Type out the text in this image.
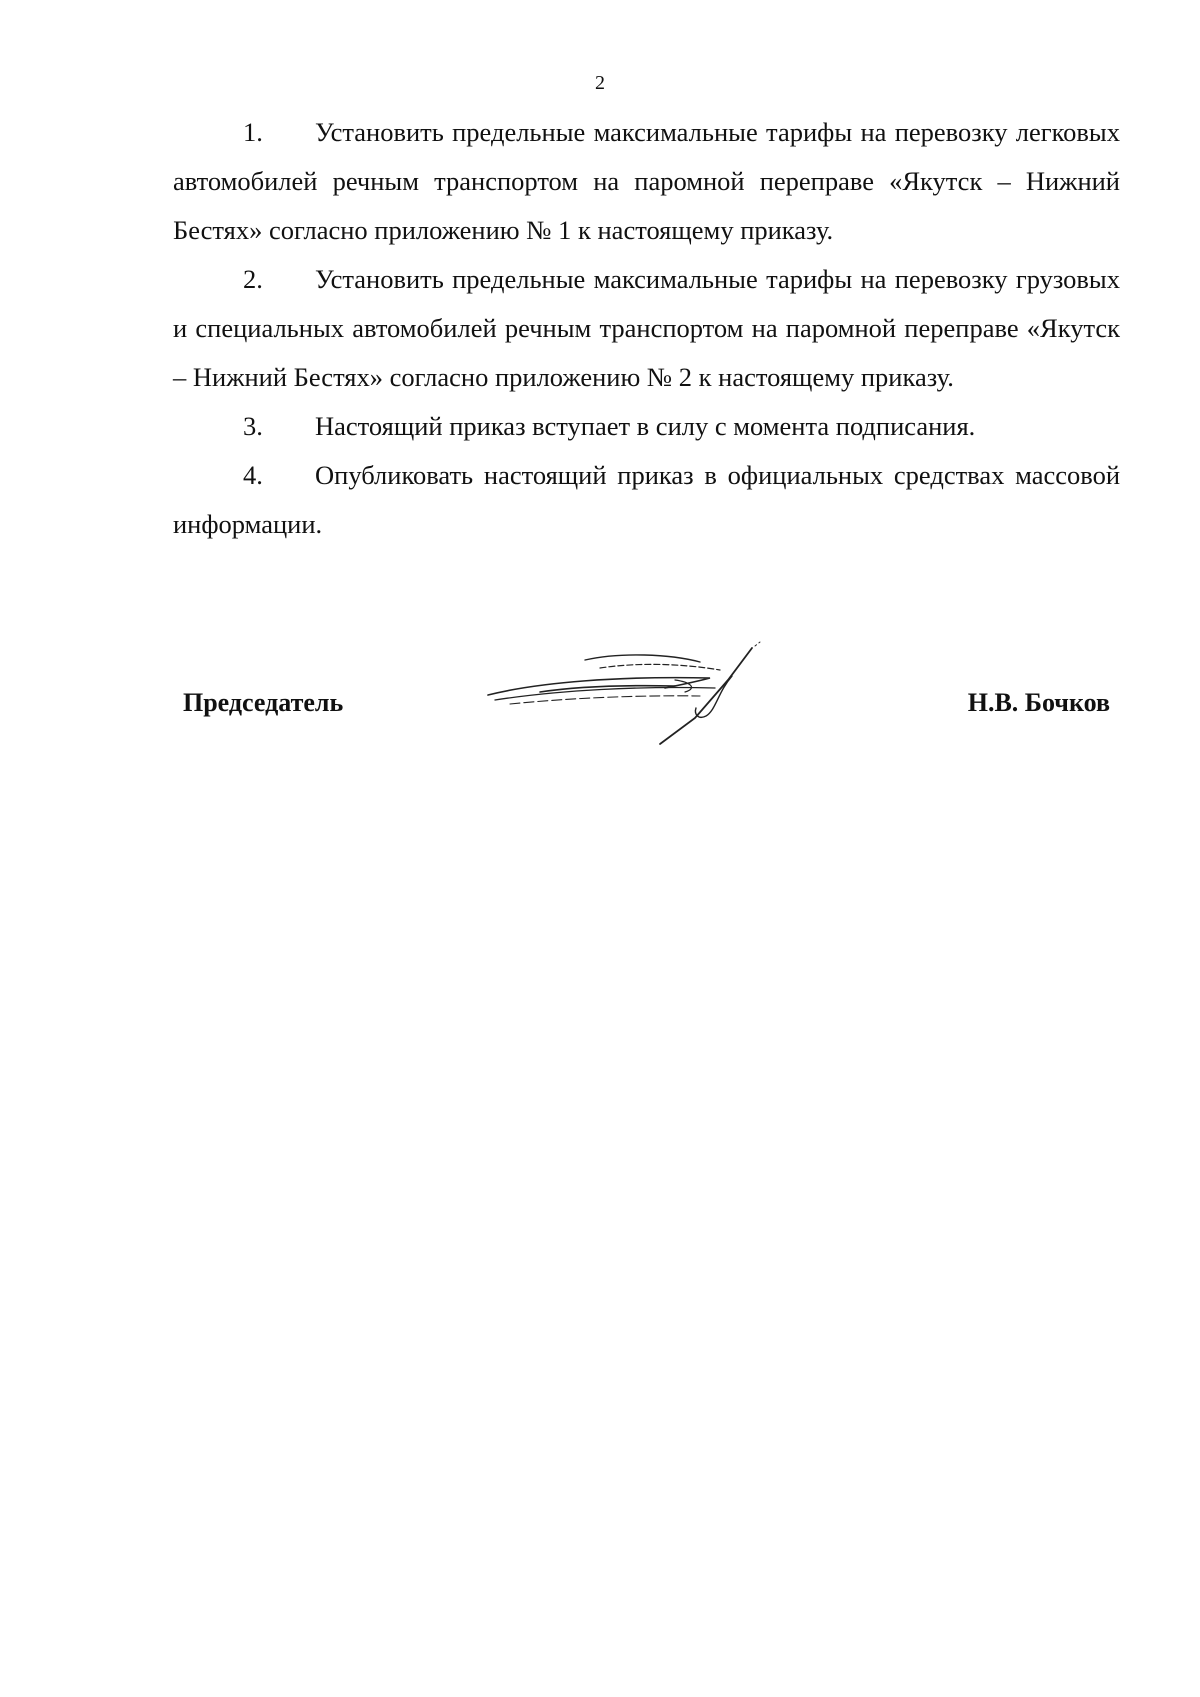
2

1. Установить предельные максимальные тарифы на перевозку легковых автомобилей речным транспортом на паромной переправе «Якутск – Нижний Бестях» согласно приложению № 1 к настоящему приказу.

2. Установить предельные максимальные тарифы на перевозку грузовых и специальных автомобилей речным транспортом на паромной переправе «Якутск – Нижний Бестях» согласно приложению № 2 к настоящему приказу.

3. Настоящий приказ вступает в силу с момента подписания.

4. Опубликовать настоящий приказ в официальных средствах массовой информации.

Председатель	Н.В. Бочков
